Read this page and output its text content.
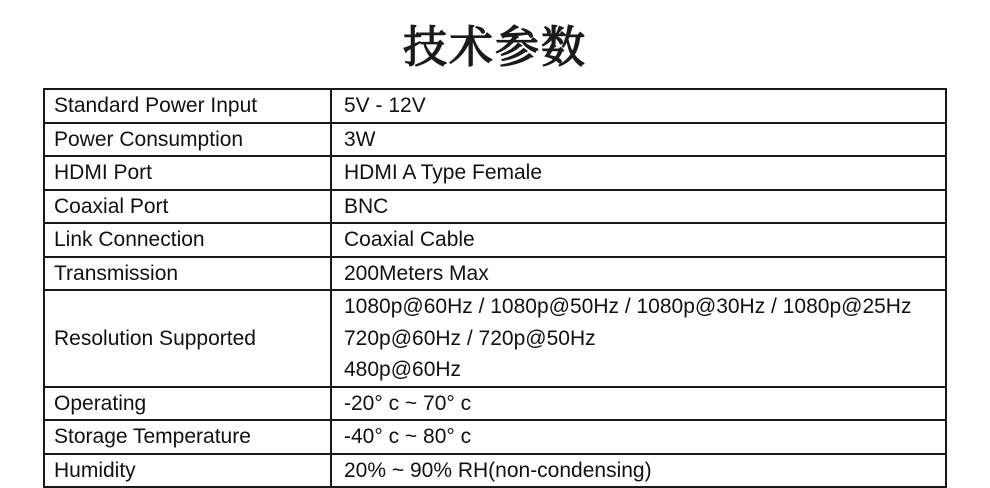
技术参数
Standard Power Input	5V - 12V

Power Consumption	3W

HDMI Port	HDMI A Type Female

Coaxial Port	BNC

Link Connection	Coaxial Cable

Transmission	200Meters Max

Resolution Supported	1080p@60Hz / 1080p@50Hz / 1080p@30Hz / 1080p@25Hz
720p@60Hz / 720p@50Hz
480p@60Hz

Operating	-20° c ~ 70° c

Storage Temperature	-40° c ~ 80° c

Humidity	20% ~ 90% RH(non-condensing)
